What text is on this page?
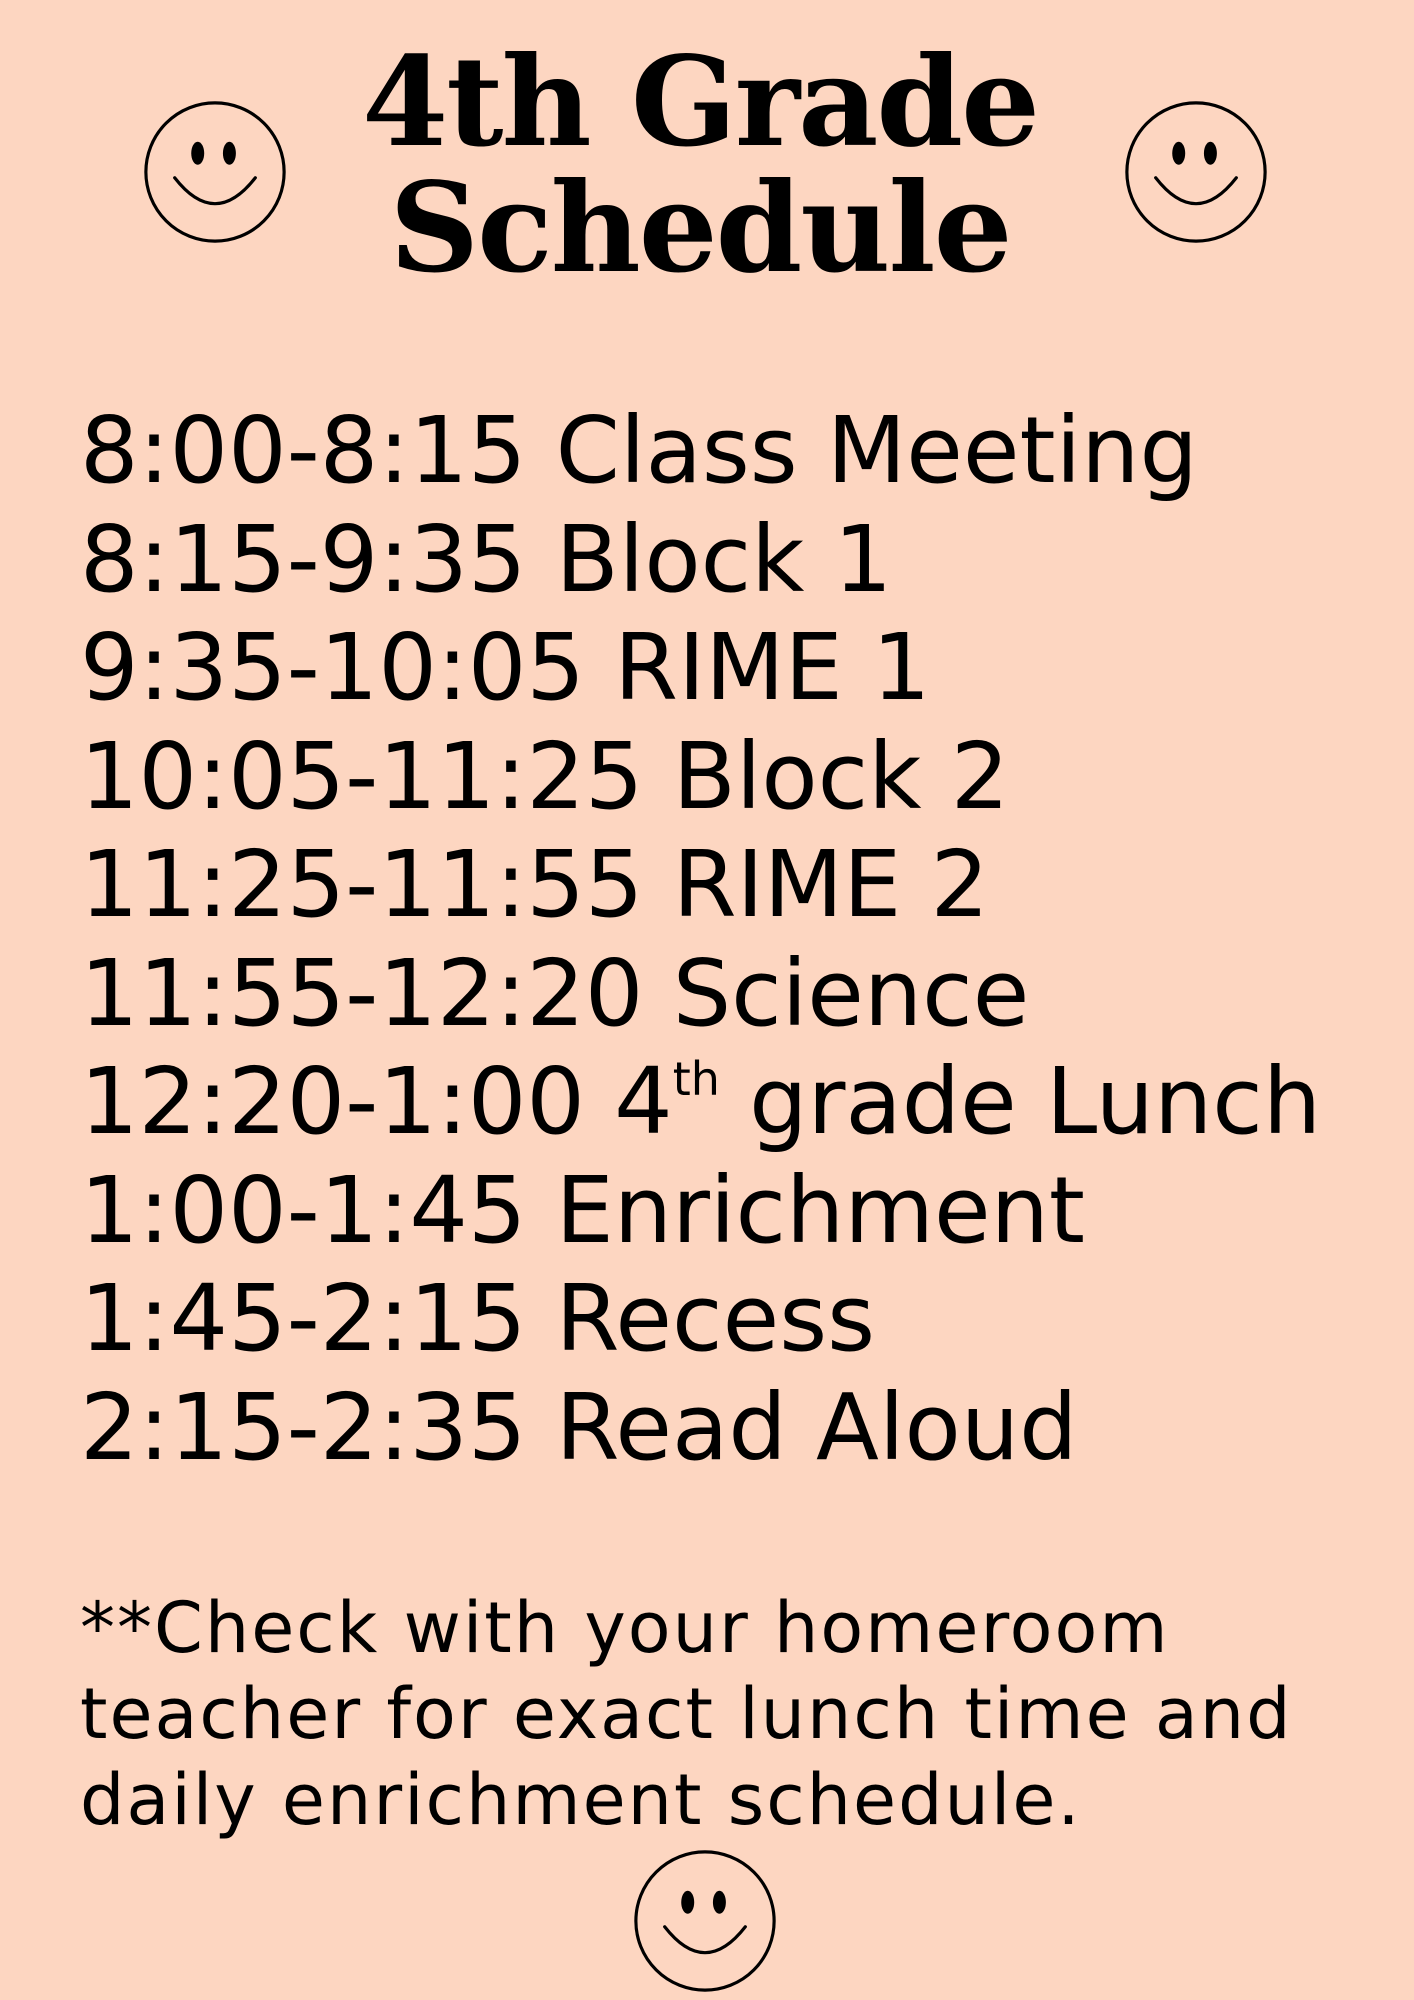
4th Grade
Schedule
8:00-8:15 Class Meeting
8:15-9:35 Block 1
9:35-10:05 RIME 1
10:05-11:25 Block 2
11:25-11:55 RIME 2
11:55-12:20 Science
12:20-1:00 4th grade Lunch
1:00-1:45 Enrichment
1:45-2:15 Recess
2:15-2:35 Read Aloud

**Check with your homeroom teacher for exact lunch time and daily enrichment schedule.
